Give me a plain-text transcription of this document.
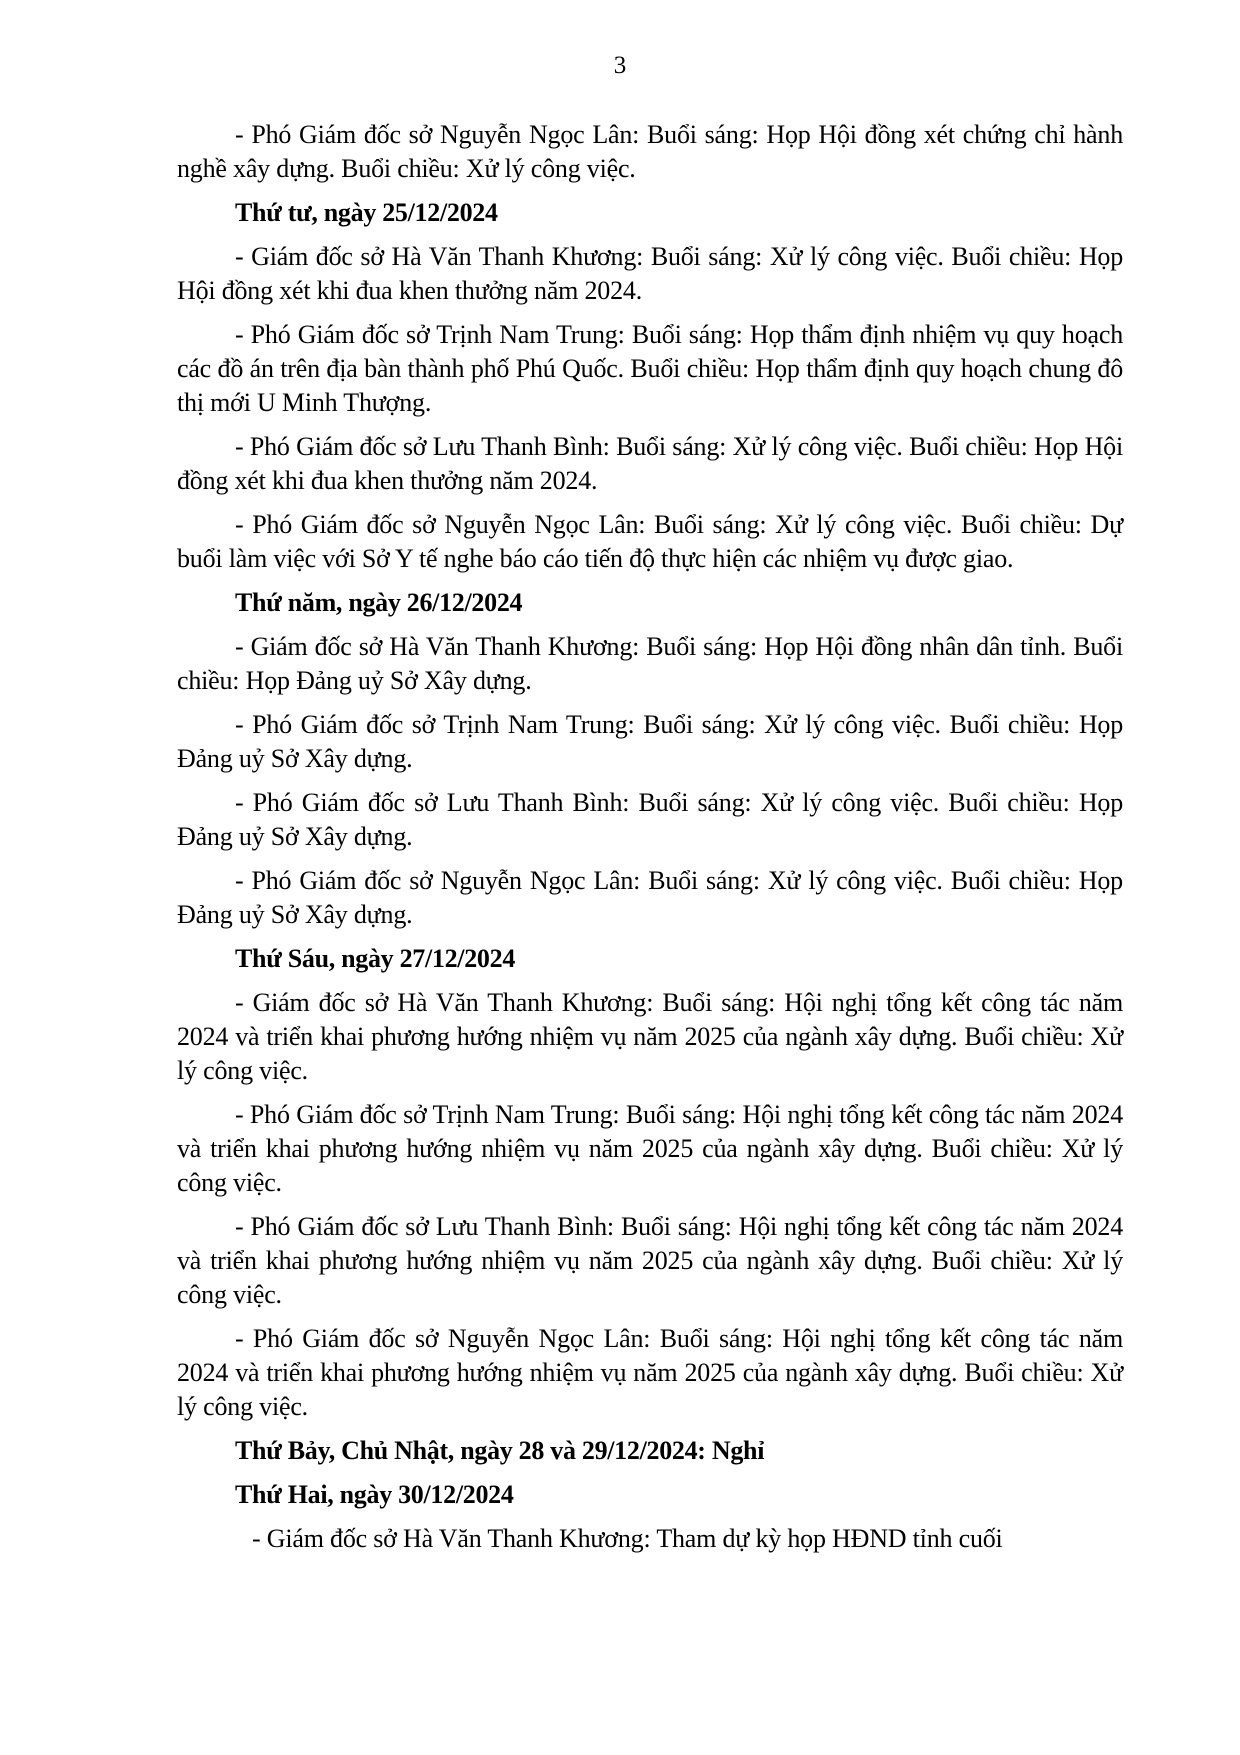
3

- Phó Giám đốc sở Nguyễn Ngọc Lân: Buổi sáng: Họp Hội đồng xét chứng chỉ hành nghề xây dựng. Buổi chiều: Xử lý công việc.

Thứ tư, ngày 25/12/2024

- Giám đốc sở Hà Văn Thanh Khương: Buổi sáng: Xử lý công việc. Buổi chiều: Họp Hội đồng xét khi đua khen thưởng năm 2024.

- Phó Giám đốc sở Trịnh Nam Trung: Buổi sáng: Họp thẩm định nhiệm vụ quy hoạch các đồ án trên địa bàn thành phố Phú Quốc. Buổi chiều: Họp thẩm định quy hoạch chung đô thị mới U Minh Thượng.

- Phó Giám đốc sở Lưu Thanh Bình: Buổi sáng: Xử lý công việc. Buổi chiều: Họp Hội đồng xét khi đua khen thưởng năm 2024.

- Phó Giám đốc sở Nguyễn Ngọc Lân: Buổi sáng: Xử lý công việc. Buổi chiều: Dự buổi làm việc với Sở Y tế nghe báo cáo tiến độ thực hiện các nhiệm vụ được giao.

Thứ năm, ngày 26/12/2024

- Giám đốc sở Hà Văn Thanh Khương: Buổi sáng: Họp Hội đồng nhân dân tỉnh. Buổi chiều: Họp Đảng uỷ Sở Xây dựng.

- Phó Giám đốc sở Trịnh Nam Trung: Buổi sáng: Xử lý công việc. Buổi chiều: Họp Đảng uỷ Sở Xây dựng.

- Phó Giám đốc sở Lưu Thanh Bình: Buổi sáng: Xử lý công việc. Buổi chiều: Họp Đảng uỷ Sở Xây dựng.

- Phó Giám đốc sở Nguyễn Ngọc Lân: Buổi sáng: Xử lý công việc. Buổi chiều: Họp Đảng uỷ Sở Xây dựng.

Thứ Sáu, ngày 27/12/2024

- Giám đốc sở Hà Văn Thanh Khương: Buổi sáng: Hội nghị tổng kết công tác năm 2024 và triển khai phương hướng nhiệm vụ năm 2025 của ngành xây dựng. Buổi chiều: Xử lý công việc.

- Phó Giám đốc sở Trịnh Nam Trung: Buổi sáng: Hội nghị tổng kết công tác năm 2024 và triển khai phương hướng nhiệm vụ năm 2025 của ngành xây dựng. Buổi chiều: Xử lý công việc.

- Phó Giám đốc sở Lưu Thanh Bình: Buổi sáng: Hội nghị tổng kết công tác năm 2024 và triển khai phương hướng nhiệm vụ năm 2025 của ngành xây dựng. Buổi chiều: Xử lý công việc.

- Phó Giám đốc sở Nguyễn Ngọc Lân: Buổi sáng: Hội nghị tổng kết công tác năm 2024 và triển khai phương hướng nhiệm vụ năm 2025 của ngành xây dựng. Buổi chiều: Xử lý công việc.

Thứ Bảy, Chủ Nhật, ngày 28 và 29/12/2024: Nghỉ

Thứ Hai, ngày 30/12/2024

- Giám đốc sở Hà Văn Thanh Khương: Tham dự kỳ họp HĐND tỉnh cuối
